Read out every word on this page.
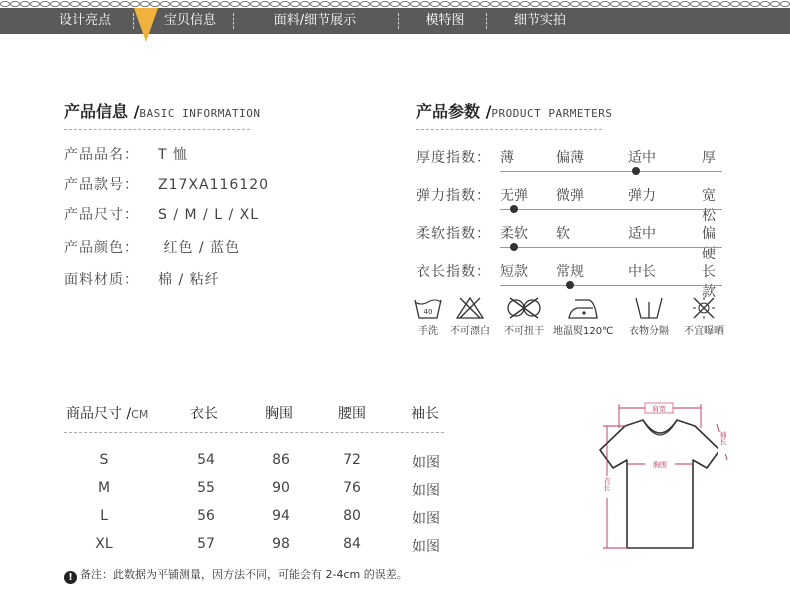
设计亮点	宝贝信息	面料/细节展示	模特图	细节实拍
产品信息 /BASIC INFORMATION
产品品名： T 恤
产品款号： Z17XA116120
产品尺寸： S / M / L / XL
产品颜色： 红色 / 蓝色
面料材质： 棉 / 粘纤
产品参数 /PRODUCT PARMETERS
厚度指数： 薄	偏薄	适中	厚
弹力指数： 无弹 微弹	弹力	宽松
柔软指数： 柔软 软	适中	偏硬
衣长指数： 短款 常规	中长	长款
40
手洗	不可漂白	不可扭干 地温熨120℃	衣物分隔	不宜曝晒
商品尺寸 /CM	衣长	胸围	腰围	袖长
S	54	86	72	如图
M	55	90	76	如图
L	56	94	80	如图
XL	57	98	84	如图
! 备注：此数据为平铺测量，因方法不同，可能会有 2-4cm 的误差。
肩宽
胸围
衣长
袖长
